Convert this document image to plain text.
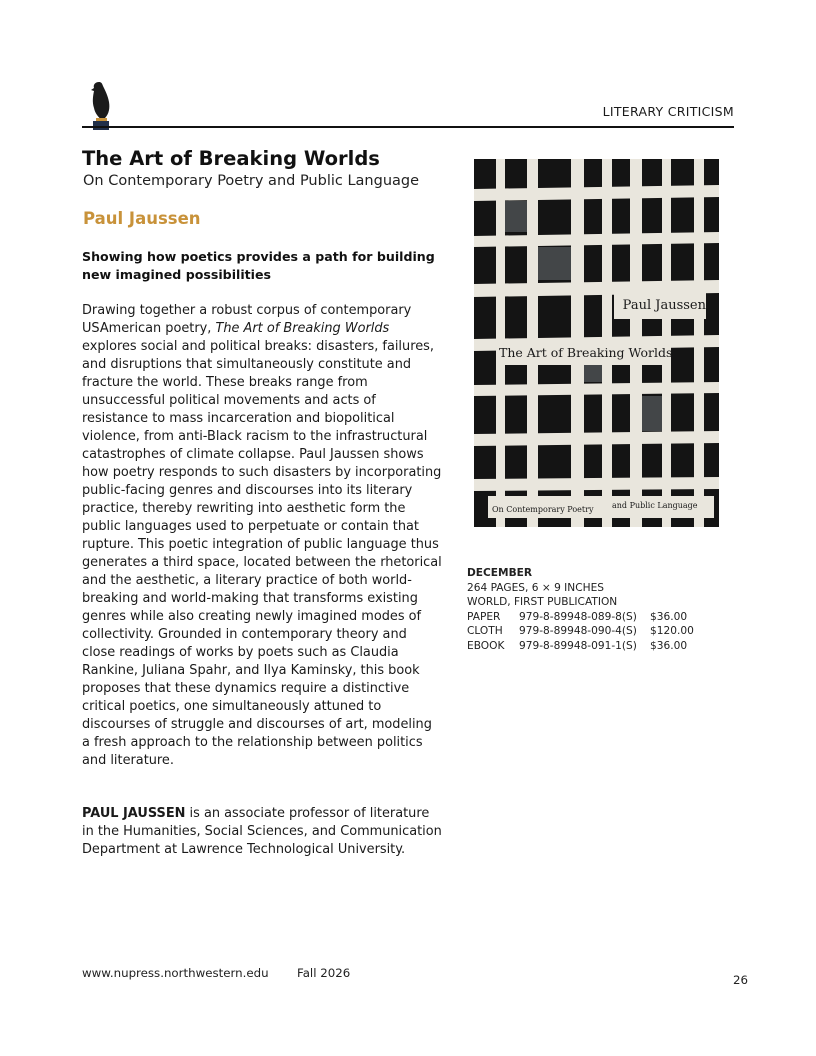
LITERARY CRITICISM
The Art of Breaking Worlds
On Contemporary Poetry and Public Language
Paul Jaussen
Showing how poetics provides a path for building new imagined possibilities
Drawing together a robust corpus of contemporary USAmerican poetry, The Art of Breaking Worlds explores social and political breaks: disasters, failures, and disruptions that simultaneously constitute and fracture the world. These breaks range from unsuccessful political movements and acts of resistance to mass incarceration and biopolitical violence, from anti-Black racism to the infrastructural catastrophes of climate collapse. Paul Jaussen shows how poetry responds to such disasters by incorporating public-facing genres and discourses into its literary practice, thereby rewriting into aesthetic form the public languages used to perpetuate or contain that rupture. This poetic integration of public language thus generates a third space, located between the rhetorical and the aesthetic, a literary practice of both world-breaking and world-making that transforms existing genres while also creating newly imagined modes of collectivity. Grounded in contemporary theory and close readings of works by poets such as Claudia Rankine, Juliana Spahr, and Ilya Kaminsky, this book proposes that these dynamics require a distinctive critical poetics, one simultaneously attuned to discourses of struggle and discourses of art, modeling a fresh approach to the relationship between politics and literature.
PAUL JAUSSEN is an associate professor of literature in the Humanities, Social Sciences, and Communication Department at Lawrence Technological University.
Paul Jaussen
The Art of Breaking Worlds
On Contemporary Poetry and Public Language
DECEMBER
264 PAGES, 6 × 9 INCHES
WORLD, FIRST PUBLICATION
PAPER 979-8-89948-089-8(S) $36.00
CLOTH 979-8-89948-090-4(S) $120.00
EBOOK 979-8-89948-091-1(S) $36.00
www.nupress.northwestern.edu Fall 2026	26
